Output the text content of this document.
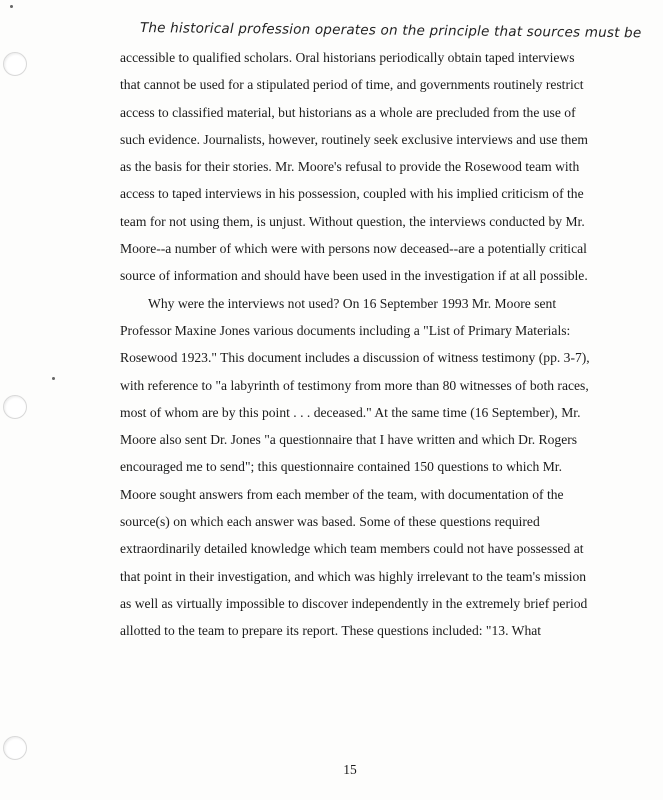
The historical profession operates on the principle that sources must be
accessible to qualified scholars. Oral historians periodically obtain taped interviews
that cannot be used for a stipulated period of time, and governments routinely restrict
access to classified material, but historians as a whole are precluded from the use of
such evidence. Journalists, however, routinely seek exclusive interviews and use them
as the basis for their stories. Mr. Moore's refusal to provide the Rosewood team with
access to taped interviews in his possession, coupled with his implied criticism of the
team for not using them, is unjust. Without question, the interviews conducted by Mr.
Moore--a number of which were with persons now deceased--are a potentially critical
source of information and should have been used in the investigation if at all possible.
Why were the interviews not used? On 16 September 1993 Mr. Moore sent
Professor Maxine Jones various documents including a "List of Primary Materials:
Rosewood 1923." This document includes a discussion of witness testimony (pp. 3-7),
with reference to "a labyrinth of testimony from more than 80 witnesses of both races,
most of whom are by this point . . . deceased." At the same time (16 September), Mr.
Moore also sent Dr. Jones "a questionnaire that I have written and which Dr. Rogers
encouraged me to send"; this questionnaire contained 150 questions to which Mr.
Moore sought answers from each member of the team, with documentation of the
source(s) on which each answer was based. Some of these questions required
extraordinarily detailed knowledge which team members could not have possessed at
that point in their investigation, and which was highly irrelevant to the team's mission
as well as virtually impossible to discover independently in the extremely brief period
allotted to the team to prepare its report. These questions included: "13. What
15
